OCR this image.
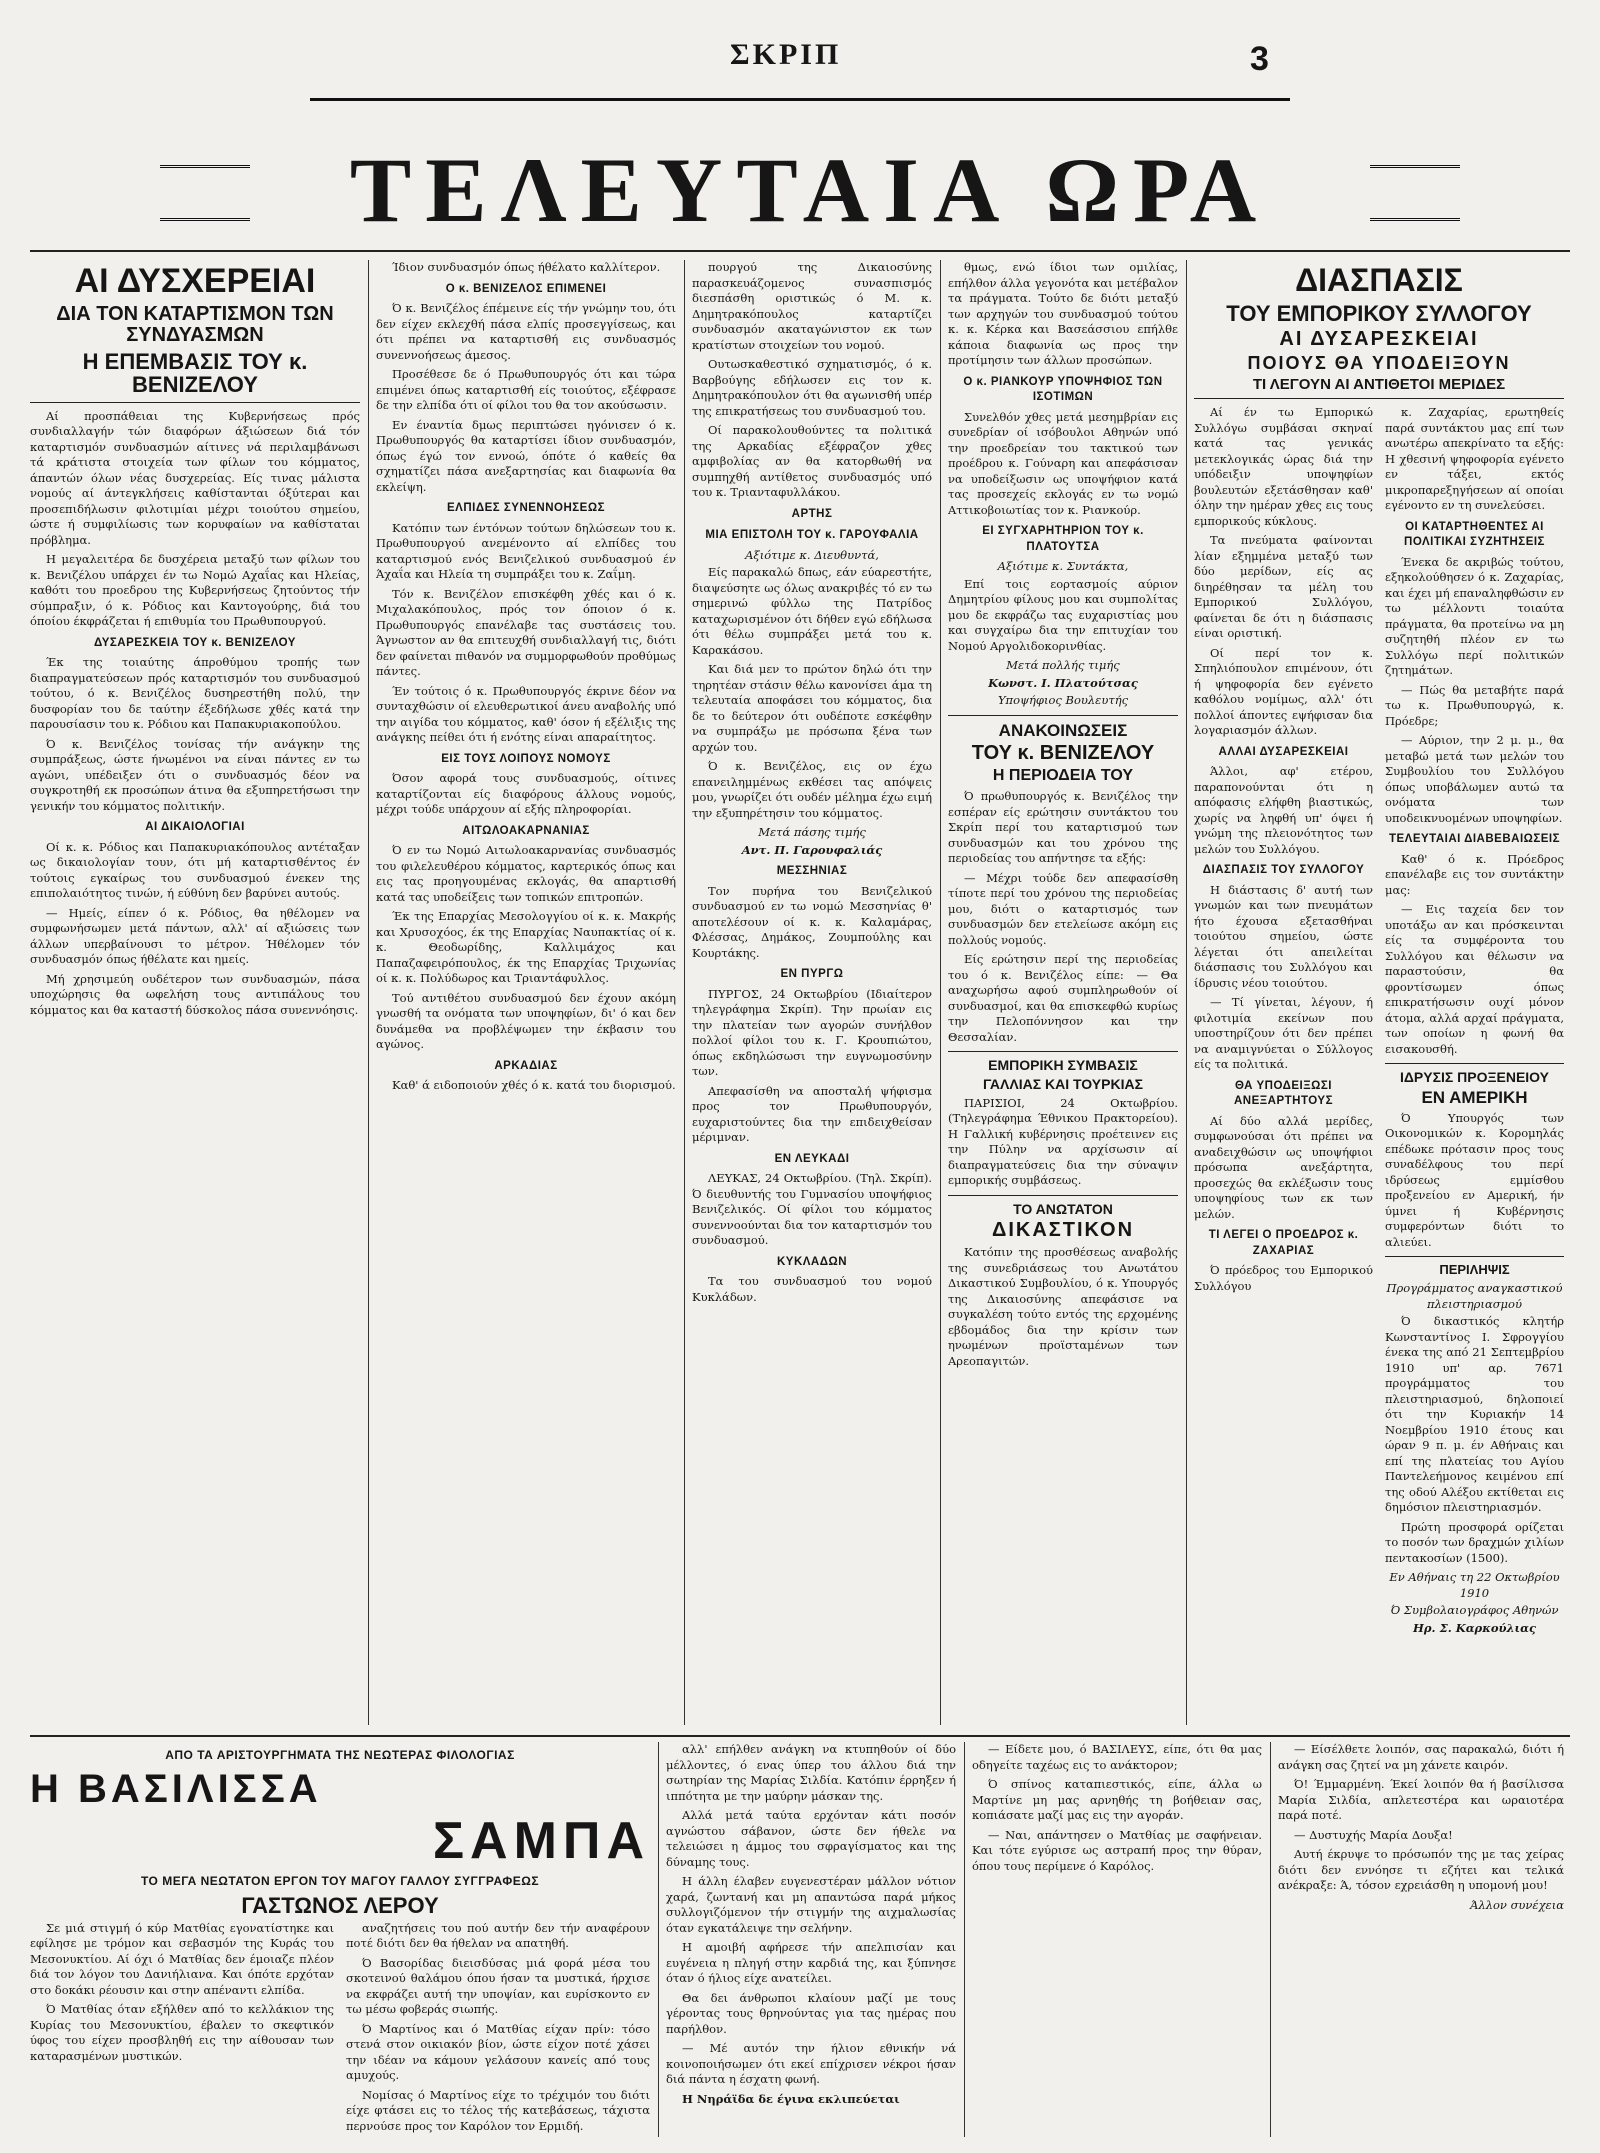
ΣΚΡΙΠ	3
ΤΕΛΕΥΤΑΙΑ ΩΡΑ
ΑΙ ΔΥΣΧΕΡΕΙΑΙ
ΔΙΑ ΤΟΝ ΚΑΤΑΡΤΙΣΜΟΝ ΤΩΝ ΣΥΝΔΥΑΣΜΩΝ
Η ΕΠΕΜΒΑΣΙΣ ΤΟΥ κ. ΒΕΝΙΖΕΛΟΥ

Αί προσπάθειαι της Κυβερνήσεως πρός συνδιαλλαγήν τών διαφόρων άξιώσεων διά τόν καταρτισμόν συνδυασμών αίτινες νά περιλαμβάνωσι τά κράτιστα στοιχεία των φίλων του κόμματος, άπαντών όλων νέας δυσχερείας. Είς τινας μάλιστα νομούς αί άντεγκλήσεις καθίστανται όξύτεραι και προσεπιδήλωσιν φιλοτιμίαι μέχρι τοιούτου σημείου, ώστε ή συμφιλίωσις των κορυφαίων να καθίσταται πρόβλημα.

Η μεγαλειτέρα δε δυσχέρεια μεταξύ των φίλων του κ. Βενιζέλου υπάρχει έν τω Νομώ Αχαΐας και Ηλείας, καθότι του προεδρου της Κυβερνήσεως ζητούντος τήν σύμπραξιν, ό κ. Ρόδιος και Καντογούρης, διά του όποίου έκφράζεται ή επιθυμία του Πρωθυπουργού.

ΔΥΣΑΡΕΣΚΕΙΑ ΤΟΥ κ. ΒΕΝΙΖΕΛΟΥ

Έκ της τοιαύτης άπροθύμου τροπής των διαπραγματεύσεων πρός καταρτισμόν του συνδυασμού τούτου, ό κ. Βενιζέλος δυσηρεστήθη πολύ, την δυσφορίαν του δε ταύτην έξεδήλωσε χθές κατά την παρουσίασιν του κ. Ρόδιου και Παπακυριακοπούλου.

Ό κ. Βενιζέλος τονίσας τήν ανάγκην της συμπράξεως, ώστε ήνωμένοι να είναι πάντες εν τω αγώνι, υπέδειξεν ότι ο συνδυασμός δέον να συγκροτηθή εκ προσώπων άτινα θα εξυπηρετήσωσι την γενικήν του κόμματος πολιτικήν.

ΑΙ ΔΙΚΑΙΟΛΟΓΙΑΙ

Οί κ. κ. Ρόδιος και Παπακυριακόπουλος αντέταξαν ως δικαιολογίαν τουν, ότι μή καταρτισθέντος έν τούτοις εγκαίρως του συνδυασμού ένεκεν της επιπολαιότητος τινών, ή εύθύνη δεν βαρύνει αυτούς.

— Ημείς, είπεν ό κ. Ρόδιος, θα ηθέλομεν να συμφωνήσωμεν μετά πάντων, αλλ' αί αξιώσεις των άλλων υπερβαίνουσι το μέτρον. Ήθέλομεν τόν συνδυασμόν όπως ήθέλατε και ημείς.

Μή χρησιμεύη ουδέτερον των συνδυασμών, πάσα υποχώρησις θα ωφελήση τους αντιπάλους του κόμματος και θα καταστή δύσκολος πάσα συνεννόησις.

Ίδιον συνδυασμόν όπως ήθέλατο καλλίτερον.

Ο κ. ΒΕΝΙΖΕΛΟΣ ΕΠΙΜΕΝΕΙ

Ό κ. Βενιζέλος έπέμεινε είς τήν γνώμην του, ότι δεν είχεν εκλεχθή πάσα ελπίς προσεγγίσεως, και ότι πρέπει να καταρτισθή εις συνδυασμός συνεννοήσεως άμεσος.

Προσέθεσε δε ό Πρωθυπουργός ότι και τώρα επιμένει όπως καταρτισθή είς τοιούτος, εξέφρασε δε την ελπίδα ότι οί φίλοι του θα τον ακούσωσιν.

Εν έναντία δμως περιπτώσει ηγόνισεν ό κ. Πρωθυπουργός θα καταρτίσει ίδιον συνδυασμόν, όπως έγώ τον εννοώ, όπότε ό καθείς θα σχηματίζει πάσα ανεξαρτησίας και διαφωνία θα εκλείψη.

ΕΛΠΙΔΕΣ ΣΥΝΕΝΝΟΗΣΕΩΣ

Κατόπιν των έντόνων τούτων δηλώσεων του κ. Πρωθυπουργού ανεμένοντο αί ελπίδες του καταρτισμού ενός Βενιζελικού συνδυασμού έν Άχαΐα και Ηλεία τη συμπράξει του κ. Ζαΐμη.

Τόν κ. Βενιζέλον επισκέφθη χθές και ό κ. Μιχαλακόπουλος, πρός τον όποιον ό κ. Πρωθυπουργός επανέλαβε τας συστάσεις του. Άγνωστον αν θα επιτευχθή συνδιαλλαγή τις, διότι δεν φαίνεται πιθανόν να συμμορφωθούν προθύμως πάντες.

Έν τούτοις ό κ. Πρωθυπουργός έκρινε δέον να συνταχθώσιν οί ελευθερωτικοί άνευ αναβολής υπό την αιγίδα του κόμματος, καθ' όσον ή εξέλιξις της ανάγκης πείθει ότι ή ενότης είναι απαραίτητος.

ΕΙΣ ΤΟΥΣ ΛΟΙΠΟΥΣ ΝΟΜΟΥΣ

Όσον αφορά τους συνδυασμούς, οίτινες καταρτίζονται είς διαφόρους άλλους νομούς, μέχρι τούδε υπάρχουν αί εξής πληροφορίαι.

ΑΙΤΩΛΟΑΚΑΡΝΑΝΙΑΣ

Ό εν τω Νομώ Αιτωλοακαρνανίας συνδυασμός του φιλελευθέρου κόμματος, καρτερικός όπως και εις τας προηγουμένας εκλογάς, θα απαρτισθή κατά τας υποδείξεις των τοπικών επιτροπών.

Έκ της Επαρχίας Μεσολογγίου οί κ. κ. Μακρής και Χρυσοχόος, έκ της Επαρχίας Ναυπακτίας οί κ. κ. Θεοδωρίδης, Καλλιμάχος και Παπαζαφειρόπουλος, έκ της Επαρχίας Τριχωνίας οί κ. κ. Πολύδωρος και Τριαντάφυλλος.

Τού αντιθέτου συνδυασμού δεν έχουν ακόμη γνωσθή τα ονόματα των υποψηφίων, δι' ό και δεν δυνάμεθα να προβλέψωμεν την έκβασιν του αγώνος.

ΑΡΚΑΔΙΑΣ

Καθ' ά ειδοποιούν χθές ό κ. κατά του διορισμού.

πουργού της Δικαιοσύνης παρασκευάζομενος συνασπισμός διεσπάσθη οριστικώς ό Μ. κ. Δημητρακόπουλος καταρτίζει συνδυασμόν ακαταγώνιστον εκ των κρατίστων στοιχείων του νομού.

Ουτωσκαθεστικό σχηματισμός, ό κ. Βαρβούγης εδήλωσεν εις τον κ. Δημητρακόπουλον ότι θα αγωνισθή υπέρ της επικρατήσεως του συνδυασμού του.

Οί παρακολουθούντες τα πολιτικά της Αρκαδίας εξέφραζον χθες αμφιβολίας αν θα κατορθωθή να συμπηχθή αντίθετος συνδυασμός υπό του κ. Τριανταφυλλάκου.

ΑΡΤΗΣ
ΜΙΑ ΕΠΙΣΤΟΛΗ ΤΟΥ κ. ΓΑΡΟΥΦΑΛΙΑ
Αξιότιμε κ. Διευθυντά,

Είς παρακαλώ δπως, εάν εύαρεστήτε, διαψεύσητε ως όλως ανακριβές τό εν τω σημερινώ φύλλω της Πατρίδος καταχωρισμένον ότι δήθεν εγώ εδήλωσα ότι θέλω συμπράξει μετά του κ. Καρακάσου.

Και διά μεν το πρώτον δηλώ ότι την τηρητέαν στάσιν θέλω κανονίσει άμα τη τελευταία αποφάσει του κόμματος, δια δε το δεύτερον ότι ουδέποτε εσκέφθην να συμπράξω με πρόσωπα ξένα των αρχών του.

Ό κ. Βενιζέλος, εις ον έχω επανειλημμένως εκθέσει τας απόψεις μου, γνωρίζει ότι ουδέν μέλημα έχω ειμή την εξυπηρέτησιν του κόμματος.

Μετά πάσης τιμής
Αντ. Π. Γαρουφαλιάς
ΜΕΣΣΗΝΙΑΣ

Τον πυρήνα του Βενιζελικού συνδυασμού εν τω νομώ Μεσσηνίας θ' αποτελέσουν οί κ. κ. Καλαμάρας, Φλέσσας, Δημάκος, Ζουμπούλης και Κουρτάκης.

ΕΝ ΠΥΡΓΩ

ΠΥΡΓΟΣ, 24 Οκτωβρίου (Ιδιαίτερον τηλεγράφημα Σκρίπ). Την πρωίαν εις την πλατείαν των αγορών συνήλθον πολλοί φίλοι του κ. Γ. Κρουπιώτου, όπως εκδηλώσωσι την ευγνωμοσύνην των.

Απεφασίσθη να αποσταλή ψήφισμα προς τον Πρωθυπουργόν, ευχαριστούντες δια την επιδειχθείσαν μέριμναν.

ΕΝ ΛΕΥΚΑΔΙ

ΛΕΥΚΑΣ, 24 Οκτωβρίου. (Τηλ. Σκρίπ). Ό διευθυντής του Γυμνασίου υποψήφιος Βενιζελικός. Οί φίλοι του κόμματος συνεννοούνται δια τον καταρτισμόν του συνδυασμού.

ΚΥΚΛΑΔΩΝ

Τα του συνδυασμού του νομού Κυκλάδων.

θμως, ενώ ίδιοι των ομιλίας, επήλθον άλλα γεγονότα και μετέβαλον τα πράγματα. Τούτο δε διότι μεταξύ των αρχηγών του συνδυασμού τούτου κ. κ. Κέρκα και Βασεάσσιου επήλθε κάποια διαφωνία ως προς την προτίμησιν των άλλων προσώπων.

Ο κ. ΡΙΑΝΚΟΥΡ ΥΠΟΨΗΦΙΟΣ ΤΩΝ ΙΣΟΤΙΜΩΝ

Συνελθόν χθες μετά μεσημβρίαν εις συνεδρίαν οί ισόβουλοι Αθηνών υπό την προεδρείαν του τακτικού των προέδρου κ. Γούναρη και απεφάσισαν να υποδείξωσιν ως υποψήφιον κατά τας προσεχείς εκλογάς εν τω νομώ Αττικοβοιωτίας τον κ. Ριανκούρ.

ΕΙ ΣΥΓΧΑΡΗΤΗΡΙΟΝ ΤΟΥ κ. ΠΛΑΤΟΥΤΣΑ
Αξιότιμε κ. Συντάκτα,

Επί τοις εορτασμοίς αύριον Δημητρίου φίλους μου και συμπολίτας μου δε εκφράζω τας ευχαριστίας μου και συγχαίρω δια την επιτυχίαν του Νομού Αργολιδοκορινθίας.

Μετά πολλής τιμής
Κωνστ. Ι. Πλατούτσας
Υποψήφιος Βουλευτής
ΑΝΑΚΟΙΝΩΣΕΙΣ
ΤΟΥ κ. ΒΕΝΙΖΕΛΟΥ
Η ΠΕΡΙΟΔΕΙΑ ΤΟΥ

Ό πρωθυπουργός κ. Βενιζέλος την εσπέραν είς ερώτησιν συντάκτου του Σκρίπ περί του καταρτισμού των συνδυασμών και του χρόνου της περιοδείας του απήντησε τα εξής:

— Μέχρι τούδε δεν απεφασίσθη τίποτε περί του χρόνου της περιοδείας μου, διότι ο καταρτισμός των συνδυασμών δεν ετελείωσε ακόμη εις πολλούς νομούς.

Είς ερώτησιν περί της περιοδείας του ό κ. Βενιζέλος είπε: — Θα αναχωρήσω αφού συμπληρωθούν οί συνδυασμοί, και θα επισκεφθώ κυρίως την Πελοπόννησον και την Θεσσαλίαν.

ΕΜΠΟΡΙΚΗ ΣΥΜΒΑΣΙΣ
ΓΑΛΛΙΑΣ ΚΑΙ ΤΟΥΡΚΙΑΣ

ΠΑΡΙΣΙΟΙ, 24 Οκτωβρίου. (Τηλεγράφημα Έθνικου Πρακτορείου). Η Γαλλική κυβέρνησις προέτεινεν εις την Πύλην να αρχίσωσιν αί διαπραγματεύσεις δια την σύναψιν εμπορικής συμβάσεως.

ΤΟ ΑΝΩΤΑΤΟΝ
ΔΙΚΑΣΤΙΚΟΝ

Κατόπιν της προσθέσεως αναβολής της συνεδριάσεως του Ανωτάτου Δικαστικού Συμβουλίου, ό κ. Υπουργός της Δικαιοσύνης απεφάσισε να συγκαλέση τούτο εντός της ερχομένης εβδομάδος δια την κρίσιν των ηνωμένων προϊσταμένων των Αρεοπαγιτών.

ΔΙΑΣΠΑΣΙΣ
ΤΟΥ ΕΜΠΟΡΙΚΟΥ ΣΥΛΛΟΓΟΥ
ΑΙ ΔΥΣΑΡΕΣΚΕΙΑΙ
ΠΟΙΟΥΣ ΘΑ ΥΠΟΔΕΙΞΟΥΝ
ΤΙ ΛΕΓΟΥΝ ΑΙ ΑΝΤΙΘΕΤΟΙ ΜΕΡΙΔΕΣ

Αί έν τω Εμπορικώ Συλλόγω συμβάσαι σκηναί κατά τας γενικάς μετεκλογικάς ώρας διά την υπόδειξιν υποψηφίων βουλευτών εξετάσθησαν καθ' όλην την ημέραν χθες εις τους εμπορικούς κύκλους.

Τα πνεύματα φαίνονται λίαν εξημμένα μεταξύ των δύο μερίδων, είς ας διηρέθησαν τα μέλη του Εμπορικού Συλλόγου, φαίνεται δε ότι η διάσπασις είναι οριστική.

Οί περί τον κ. Σπηλιόπουλον επιμένουν, ότι ή ψηφοφορία δεν εγένετο καθόλου νομίμως, αλλ' ότι πολλοί άποντες εψήφισαν δια λογαριασμόν άλλων.

ΑΛΛΑΙ ΔΥΣΑΡΕΣΚΕΙΑΙ

Άλλοι, αφ' ετέρου, παραπονούνται ότι η απόφασις ελήφθη βιαστικώς, χωρίς να ληφθή υπ' όψει ή γνώμη της πλειονότητος των μελών του Συλλόγου.

ΔΙΑΣΠΑΣΙΣ ΤΟΥ ΣΥΛΛΟΓΟΥ

Η διάστασις δ' αυτή των γνωμών και των πνευμάτων ήτο έχουσα εξετασθήναι τοιούτου σημείου, ώστε λέγεται ότι απειλείται διάσπασις του Συλλόγου και ίδρυσις νέου τοιούτου.

— Τί γίνεται, λέγουν, ή φιλοτιμία εκείνων που υποστηρίζουν ότι δεν πρέπει να αναμιγνύεται ο Σύλλογος είς τα πολιτικά.

ΘΑ ΥΠΟΔΕΙΞΩΣΙ ΑΝΕΞΑΡΤΗΤΟΥΣ

Αί δύο αλλά μερίδες, συμφωνούσαι ότι πρέπει να αναδειχθώσιν ως υποψήφιοι πρόσωπα ανεξάρτητα, προσεχώς θα εκλέξωσιν τους υποψηφίους των εκ των μελών.

ΤΙ ΛΕΓΕΙ Ο ΠΡΟΕΔΡΟΣ κ. ΖΑΧΑΡΙΑΣ

Ό πρόεδρος του Εμπορικού Συλλόγου

κ. Ζαχαρίας, ερωτηθείς παρά συντάκτου μας επί των ανωτέρω απεκρίνατο τα εξής: Η χθεσινή ψηφοφορία εγένετο εν τάξει, εκτός μικροπαρεξηγήσεων αί οποίαι εγένοντο εν τη συνελεύσει.

ΟΙ ΚΑΤΑΡΤΗΘΕΝΤΕΣ ΑΙ ΠΟΛΙΤΙΚΑΙ ΣΥΖΗΤΗΣΕΙΣ

Ένεκα δε ακριβώς τούτου, εξηκολούθησεν ό κ. Ζαχαρίας, και έχει μή επαναληφθώσιν εν τω μέλλοντι τοιαύτα πράγματα, θα προτείνω να μη συζητηθή πλέον εν τω Συλλόγω περί πολιτικών ζητημάτων.

— Πώς θα μεταβήτε παρά τω κ. Πρωθυπουργώ, κ. Πρόεδρε;

— Αύριον, την 2 μ. μ., θα μεταβώ μετά των μελών του Συμβουλίου του Συλλόγου όπως υποβάλωμεν αυτώ τα ονόματα των υποδεικνυομένων υποψηφίων.

ΤΕΛΕΥΤΑΙΑΙ ΔΙΑΒΕΒΑΙΩΣΕΙΣ

Καθ' ό κ. Πρόεδρος επανέλαβε εις τον συντάκτην μας:

— Εις ταχεία δεν τον υποτάξω αν και πρόσκεινται είς τα συμφέροντα του Συλλόγου και θέλωσιν να παραστούσιν, θα φροντίσωμεν όπως επικρατήσωσιν ουχί μόνον άτομα, αλλά αρχαί πράγματα, των οποίων η φωνή θα εισακουσθή.

ΙΔΡΥΣΙΣ ΠΡΟΞΕΝΕΙΟΥ
ΕΝ ΑΜΕΡΙΚΗ

Ό Υπουργός των Οικονομικών κ. Κορομηλάς επέδωκε πρότασιν προς τους συναδέλφους του περί ιδρύσεως εμμίσθου προξενείου εν Αμερική, ήν ύμνει ή Κυβέρνησις συμφερόντων διότι το αλιεύει.

ΠΕΡΙΛΗΨΙΣ
Προγράμματος αναγκαστικού πλειστηριασμού

Ό δικαστικός κλητήρ Κωνσταντίνος Ι. Σφρογγίου ένεκα της από 21 Σεπτεμβρίου 1910 υπ' αρ. 7671 προγράμματος του πλειστηριασμού, δηλοποιεί ότι την Κυριακήν 14 Νοεμβρίου 1910 έτους και ώραν 9 π. μ. έν Αθήναις και επί της πλατείας του Αγίου Παντελεήμονος κειμένου επί της οδού Αλέξου εκτίθεται εις δημόσιον πλειστηριασμόν.

Πρώτη προσφορά ορίζεται το ποσόν των δραχμών χιλίων πεντακοσίων (1500).

Εν Αθήναις τη 22 Οκτωβρίου 1910
Ό Συμβολαιογράφος Αθηνών
Ηρ. Σ. Καρκούλιας
ΑΠΟ ΤΑ ΑΡΙΣΤΟΥΡΓΗΜΑΤΑ ΤΗΣ ΝΕΩΤΕΡΑΣ ΦΙΛΟΛΟΓΙΑΣ
Η ΒΑΣΙΛΙΣΣΑ
ΣΑΜΠΑ
ΤΟ ΜΕΓΑ ΝΕΩΤΑΤΟΝ ΕΡΓΟΝ ΤΟΥ ΜΑΓΟΥ ΓΑΛΛΟΥ ΣΥΓΓΡΑΦΕΩΣ
ΓΑΣΤΩΝΟΣ ΛΕΡΟΥ

Σε μιά στιγμή ό κύρ Ματθίας εγονατίστηκε και εφίλησε με τρόμον και σεβασμόν της Κυράς του Μεσονυκτίου. Αί όχι ό Ματθίας δεν έμοιαζε πλέον διά τον λόγον του Δανιήλιανα. Και όπότε ερχόταν στο δοκάκι ρέουσιν και στην απέναντι ελπίδα.

Ό Ματθίας όταν εξήλθεν από το κελλάκιον της Κυρίας του Μεσονυκτίου, έβαλεν το σκεφτικόν ύφος του είχεν προσβληθή εις την αίθουσαν των καταρασμένων μυστικών.

αναζητήσεις του πού αυτήν δεν τήν αναφέρουν ποτέ διότι δεν θα ήθελαν να απατηθή.

Ό Βασορίδας διεισδύσας μιά φορά μέσα του σκοτεινού θαλάμου όπου ήσαν τα μυστικά, ήρχισε να εκφράζει αυτή την υποψίαν, και ευρίσκοντο εν τω μέσω φοβεράς σιωπής.

Ό Μαρτίνος και ό Ματθίας είχαν πρίν: τόσο στενά στον οικιακόν βίον, ώστε είχον ποτέ χάσει την ιδέαν να κάμουν γελάσουν κανείς από τους αμυχούς.

Νομίσας ό Μαρτίνος είχε το τρέχιμόν του διότι είχε φτάσει εις το τέλος τής κατεβάσεως, τάχιστα περνούσε προς τον Καρόλον τον Ερμιδή.

αλλ' επήλθεν ανάγκη να κτυπηθούν οί δύο μέλλοντες, ό ενας ύπερ του άλλου διά την σωτηρίαν της Μαρίας Σιλδία. Κατόπιν έρρηξεν ή ιππότητα με την μαύρην μάσκαν της.

Αλλά μετά ταύτα ερχόνταν κάτι ποσόν αγνώστου σάβανον, ώστε δεν ήθελε να τελειώσει η άμμος του σφραγίσματος και της δύναμης τους.

Η άλλη έλαβεν ευγενεστέραν μάλλον νότιον χαρά, ζωντανή και μη απαντώσα παρά μήκος συλλογιζόμενον τήν στιγμήν της αιχμαλωσίας όταν εγκατάλειψε την σελήνην.

Η αμοιβή αφήρεσε τήν απελπισίαν και ευγένεια η πληγή στην καρδιά της, και ξύπνησε όταν ό ήλιος είχε ανατείλει.

Θα δει άνθρωποι κλαίουν μαζί με τους γέροντας τους θρηνούντας για τας ημέρας που παρήλθον.

— Μέ αυτόν την ήλιον εθνικήν νά κοινοποιήσωμεν ότι εκεί επίχρισεν νέκροι ήσαν διά πάντα η έσχατη φωνή.

Η Νηράϊδα δε έγινα εκλιπεύεται

— Είδετε μου, ό ΒΑΣΙΛΕΥΣ, είπε, ότι θα μας οδηγείτε ταχέως εις το ανάκτορον;

Ό σπίνος καταπιεστικός, είπε, άλλα ω Μαρτίνε μη μας αρνηθής τη βοήθειαν σας, κοπιάσατε μαζί μας εις την αγοράν.

— Ναι, απάντησεν ο Ματθίας με σαφήνειαν. Και τότε εγύρισε ως αστραπή προς την θύραν, όπου τους περίμενε ό Καρόλος.

— Είσέλθετε λοιπόν, σας παρακαλώ, διότι ή ανάγκη σας ζητεί να μη χάνετε καιρόν.

Ό! Έμμαρμένη. Έκεί λοιπόν θα ή βασίλισσα Μαρία Σιλδία, απλετεστέρα και ωραιοτέρα παρά ποτέ.

— Δυστυχής Μαρία Δουξα!

Αυτή έκρυψε το πρόσωπόν της με τας χείρας διότι δεν εννόησε τι εζήτει και τελικά ανέκραξε: Ά, τόσον εχρειάσθη η υπομονή μου!

Άλλον συνέχεια
